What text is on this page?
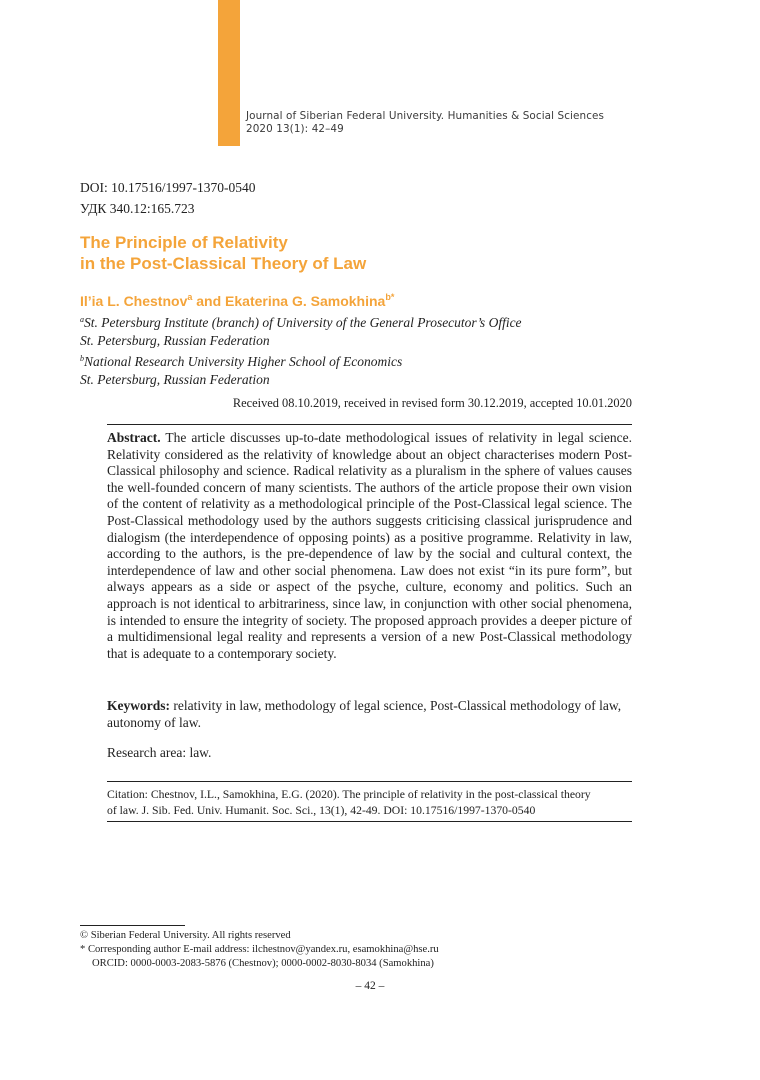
Journal of Siberian Federal University. Humanities & Social Sciences
2020 13(1): 42–49
DOI: 10.17516/1997-1370-0540
УДК 340.12:165.723
The Principle of Relativity
in the Post-Classical Theory of Law
Il’ia L. Chestnov$^a$ and Ekaterina G. Samokhina$^{b*}$
$^a$St. Petersburg Institute (branch) of University of the General Prosecutor’s Office
St. Petersburg, Russian Federation
$^b$National Research University Higher School of Economics
St. Petersburg, Russian Federation
Received 08.10.2019, received in revised form 30.12.2019, accepted 10.01.2020
Abstract. The article discusses up-to-date methodological issues of relativity in legal science. Relativity considered as the relativity of knowledge about an object characterises modern Post-Classical philosophy and science. Radical relativity as a pluralism in the sphere of values causes the well-founded concern of many scientists. The authors of the article propose their own vision of the content of relativity as a methodological principle of the Post-Classical legal science. The Post-Classical methodology used by the authors suggests criticising classical jurisprudence and dialogism (the interdependence of opposing points) as a positive programme. Relativity in law, according to the authors, is the pre-dependence of law by the social and cultural context, the interdependence of law and other social phenomena. Law does not exist “in its pure form”, but always appears as a side or aspect of the psyche, culture, economy and politics. Such an approach is not identical to arbitrariness, since law, in conjunction with other social phenomena, is intended to ensure the integrity of society. The proposed approach provides a deeper picture of a multidimensional legal reality and represents a version of a new Post-Classical methodology that is adequate to a contemporary society.
Keywords: relativity in law, methodology of legal science, Post-Classical methodology of law, autonomy of law.
Research area: law.
Citation: Chestnov, I.L., Samokhina, E.G. (2020). The principle of relativity in the post-classical theory
of law. J. Sib. Fed. Univ. Humanit. Soc. Sci., 13(1), 42-49. DOI: 10.17516/1997-1370-0540
© Siberian Federal University. All rights reserved
* Corresponding author E-mail address: ilchestnov@yandex.ru, esamokhina@hse.ru
ORCID: 0000-0003-2083-5876 (Chestnov); 0000-0002-8030-8034 (Samokhina)
– 42 –
